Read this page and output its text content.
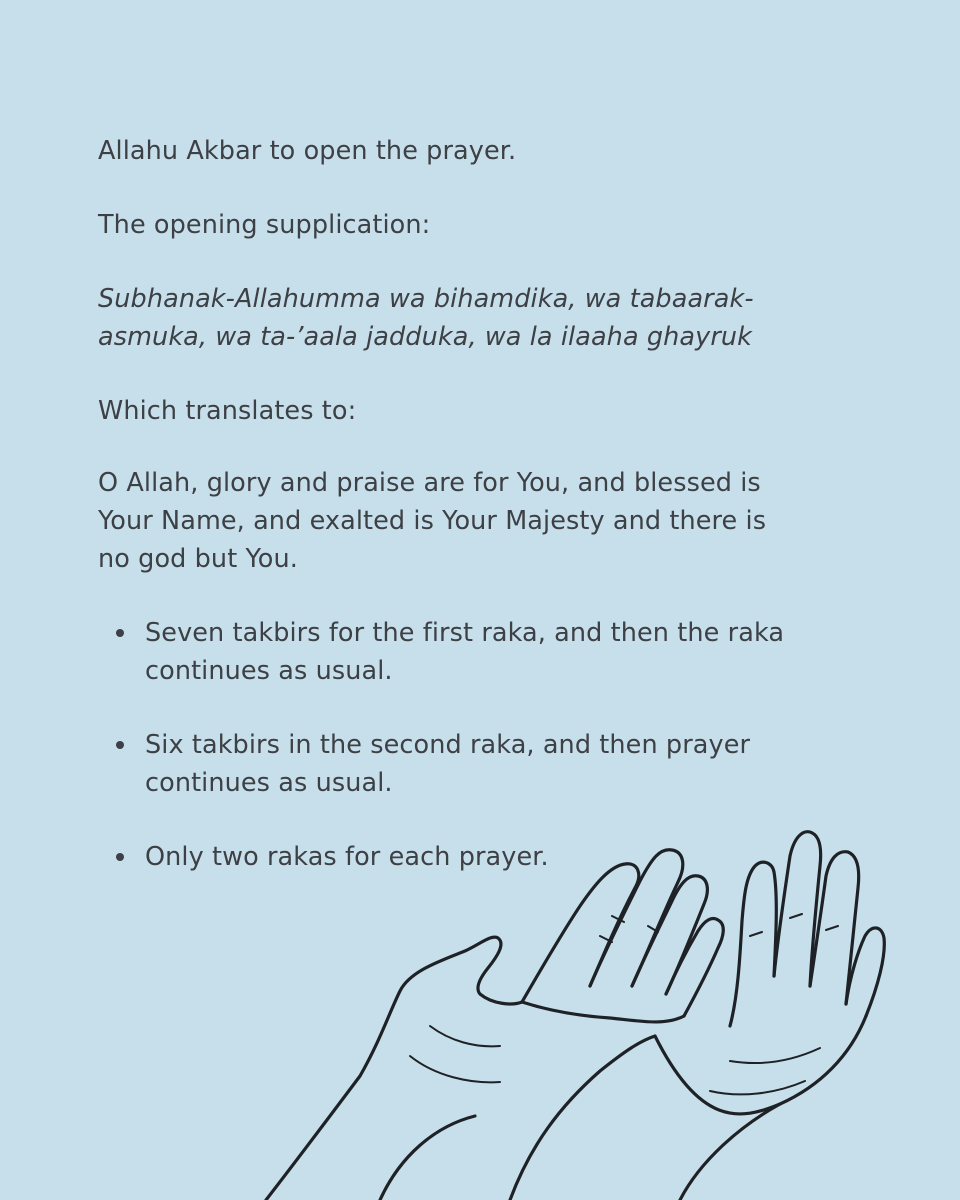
Allahu Akbar to open the prayer.

The opening supplication:

Subhanak-Allahumma wa bihamdika, wa tabaarak-
asmuka, wa ta-’aala jadduka, wa la ilaaha ghayruk

Which translates to:

O Allah, glory and praise are for You, and blessed is
Your Name, and exalted is Your Majesty and there is
no god but You.

Seven takbirs for the first raka, and then the raka
continues as usual.
Six takbirs in the second raka, and then prayer
continues as usual.
Only two rakas for each prayer.
